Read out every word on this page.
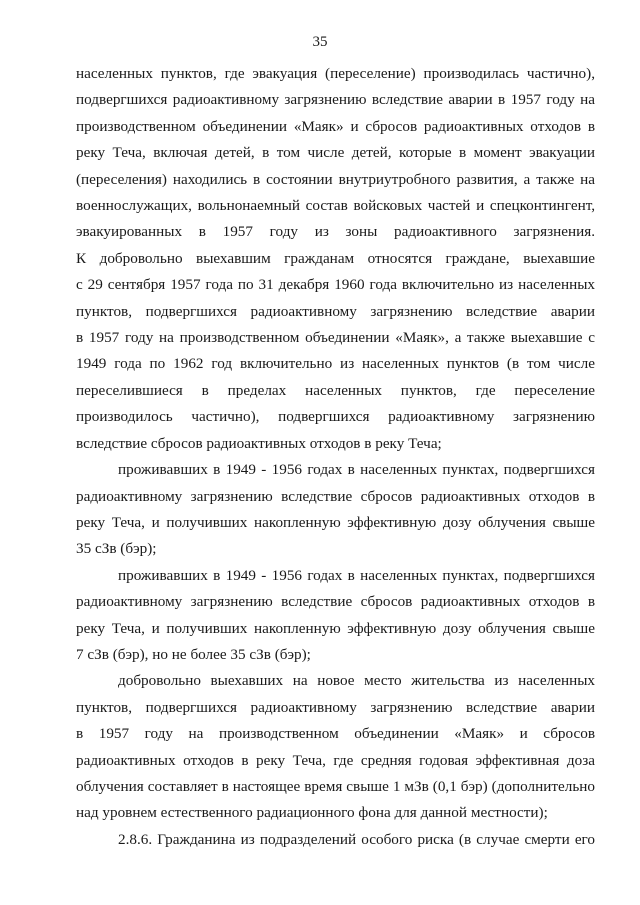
35
населенных пунктов, где эвакуация (переселение) производилась частично),
подвергшихся радиоактивному загрязнению вследствие аварии в 1957 году на
производственном объединении «Маяк» и сбросов радиоактивных отходов в
реку Теча, включая детей, в том числе детей, которые в момент эвакуации
(переселения) находились в состоянии внутриутробного развития, а также на
военнослужащих, вольнонаемный состав войсковых частей и спецконтингент,
эвакуированных в 1957 году из зоны радиоактивного загрязнения.
К добровольно выехавшим гражданам относятся граждане, выехавшие
с 29 сентября 1957 года по 31 декабря 1960 года включительно из населенных
пунктов, подвергшихся радиоактивному загрязнению вследствие аварии
в 1957 году на производственном объединении «Маяк», а также выехавшие с
1949 года по 1962 год включительно из населенных пунктов (в том числе
переселившиеся в пределах населенных пунктов, где переселение
производилось частично), подвергшихся радиоактивному загрязнению
вследствие сбросов радиоактивных отходов в реку Теча;
проживавших в 1949 - 1956 годах в населенных пунктах, подвергшихся
радиоактивному загрязнению вследствие сбросов радиоактивных отходов в
реку Теча, и получивших накопленную эффективную дозу облучения свыше
35 сЗв (бэр);
проживавших в 1949 - 1956 годах в населенных пунктах, подвергшихся
радиоактивному загрязнению вследствие сбросов радиоактивных отходов в
реку Теча, и получивших накопленную эффективную дозу облучения свыше
7 сЗв (бэр), но не более 35 сЗв (бэр);
добровольно выехавших на новое место жительства из населенных
пунктов, подвергшихся радиоактивному загрязнению вследствие аварии
в 1957 году на производственном объединении «Маяк» и сбросов
радиоактивных отходов в реку Теча, где средняя годовая эффективная доза
облучения составляет в настоящее время свыше 1 мЗв (0,1 бэр) (дополнительно
над уровнем естественного радиационного фона для данной местности);
2.8.6. Гражданина из подразделений особого риска (в случае смерти его
